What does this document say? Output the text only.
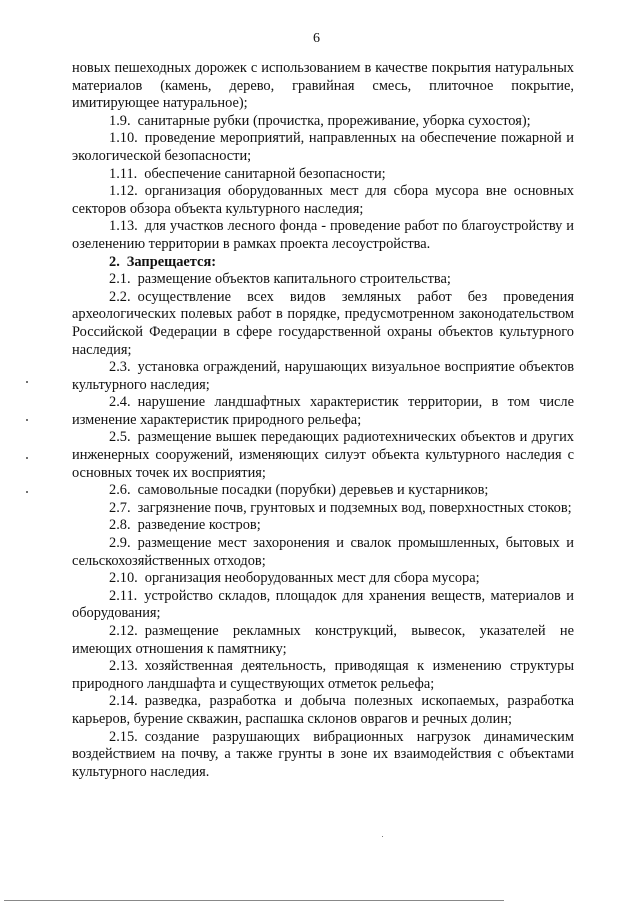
6

новых пешеходных дорожек с использованием в качестве покрытия натуральных материалов (камень, дерево, гравийная смесь, плиточное покрытие, имитирующее натуральное);

1.9. санитарные рубки (прочистка, прореживание, уборка сухостоя);

1.10. проведение мероприятий, направленных на обеспечение пожарной и экологической безопасности;

1.11. обеспечение санитарной безопасности;

1.12. организация оборудованных мест для сбора мусора вне основных секторов обзора объекта культурного наследия;

1.13. для участков лесного фонда - проведение работ по благоустройству и озеленению территории в рамках проекта лесоустройства.

2. Запрещается:

2.1. размещение объектов капитального строительства;

2.2. осуществление всех видов земляных работ без проведения археологических полевых работ в порядке, предусмотренном законодательством Российской Федерации в сфере государственной охраны объектов культурного наследия;

2.3. установка ограждений, нарушающих визуальное восприятие объектов культурного наследия;

2.4. нарушение ландшафтных характеристик территории, в том числе изменение характеристик природного рельефа;

2.5. размещение вышек передающих радиотехнических объектов и других инженерных сооружений, изменяющих силуэт объекта культурного наследия с основных точек их восприятия;

2.6. самовольные посадки (порубки) деревьев и кустарников;

2.7. загрязнение почв, грунтовых и подземных вод, поверхностных стоков;

2.8. разведение костров;

2.9. размещение мест захоронения и свалок промышленных, бытовых и сельскохозяйственных отходов;

2.10. организация необорудованных мест для сбора мусора;

2.11. устройство складов, площадок для хранения веществ, материалов и оборудования;

2.12. размещение рекламных конструкций, вывесок, указателей не имеющих отношения к памятнику;

2.13. хозяйственная деятельность, приводящая к изменению структуры природного ландшафта и существующих отметок рельефа;

2.14. разведка, разработка и добыча полезных ископаемых, разработка карьеров, бурение скважин, распашка склонов оврагов и речных долин;

2.15. создание разрушающих вибрационных нагрузок динамическим воздействием на почву, а также грунты в зоне их взаимодействия с объектами культурного наследия.
